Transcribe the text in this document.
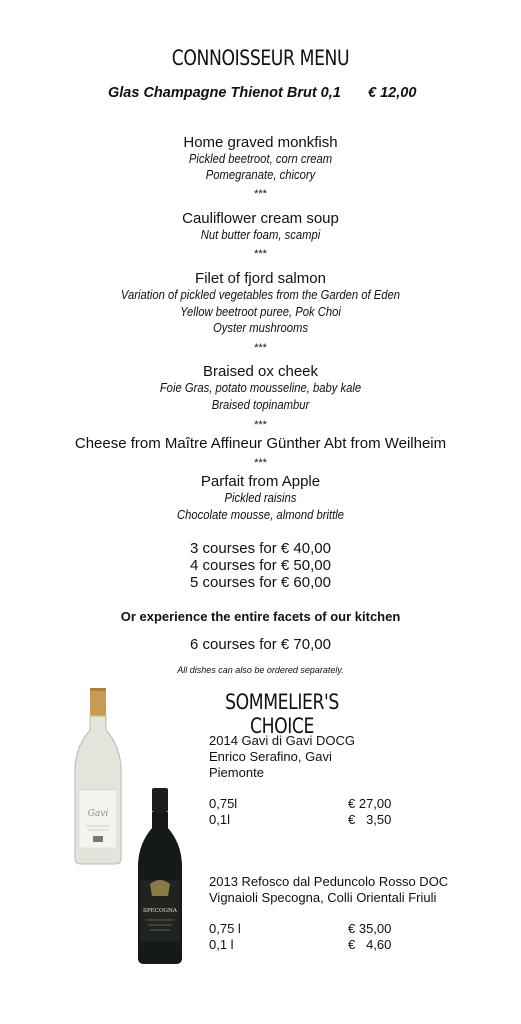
CONNOISSEUR MENU
Glas Champagne Thienot Brut 0,1 € 12,00
Home graved monkfish
Pickled beetroot, corn cream
Pomegranate, chicory
***
Cauliflower cream soup
Nut butter foam, scampi
***
Filet of fjord salmon
Variation of pickled vegetables from the Garden of Eden
Yellow beetroot puree, Pok Choi
Oyster mushrooms
***
Braised ox cheek
Foie Gras, potato mousseline, baby kale
Braised topinambur
***
Cheese from Maître Affineur Günther Abt from Weilheim
***
Parfait from Apple
Pickled raisins
Chocolate mousse, almond brittle
3 courses for € 40,00
4 courses for € 50,00
5 courses for € 60,00
Or experience the entire facets of our kitchen
6 courses for € 70,00
All dishes can also be ordered separately.
SOMMELIER'S CHOICE
Gavi
SPECOGNA
2014 Gavi di Gavi DOCG
Enrico Serafino, Gavi
Piemonte
0,75l	€ 27,00
0,1l	€   3,50
2013 Refosco dal Peduncolo Rosso DOC
Vignaioli Specogna, Colli Orientali Friuli
0,75 l	€ 35,00
0,1 l	€   4,60
